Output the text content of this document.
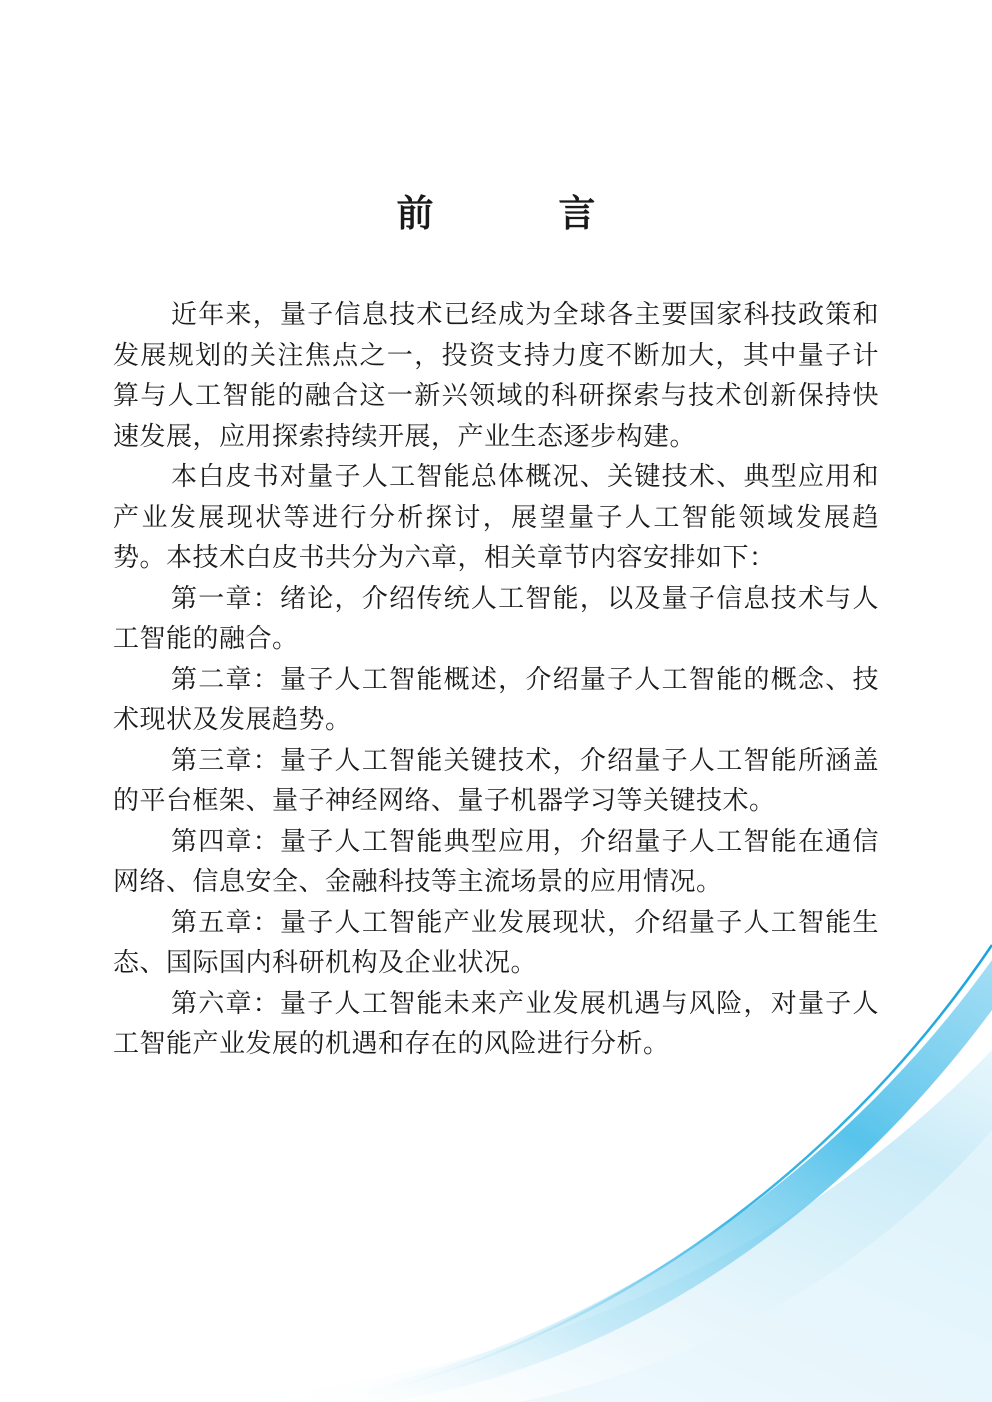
前 言

近年来，量子信息技术已经成为全球各主要国家科技政策和发展规划的关注焦点之一，投资支持力度不断加大，其中量子计算与人工智能的融合这一新兴领域的科研探索与技术创新保持快速发展，应用探索持续开展，产业生态逐步构建。

本白皮书对量子人工智能总体概况、关键技术、典型应用和产业发展现状等进行分析探讨，展望量子人工智能领域发展趋势。本技术白皮书共分为六章，相关章节内容安排如下：

第一章：绪论，介绍传统人工智能，以及量子信息技术与人工智能的融合。

第二章：量子人工智能概述，介绍量子人工智能的概念、技术现状及发展趋势。

第三章：量子人工智能关键技术，介绍量子人工智能所涵盖的平台框架、量子神经网络、量子机器学习等关键技术。

第四章：量子人工智能典型应用，介绍量子人工智能在通信网络、信息安全、金融科技等主流场景的应用情况。

第五章：量子人工智能产业发展现状，介绍量子人工智能生态、国际国内科研机构及企业状况。

第六章：量子人工智能未来产业发展机遇与风险，对量子人工智能产业发展的机遇和存在的风险进行分析。
